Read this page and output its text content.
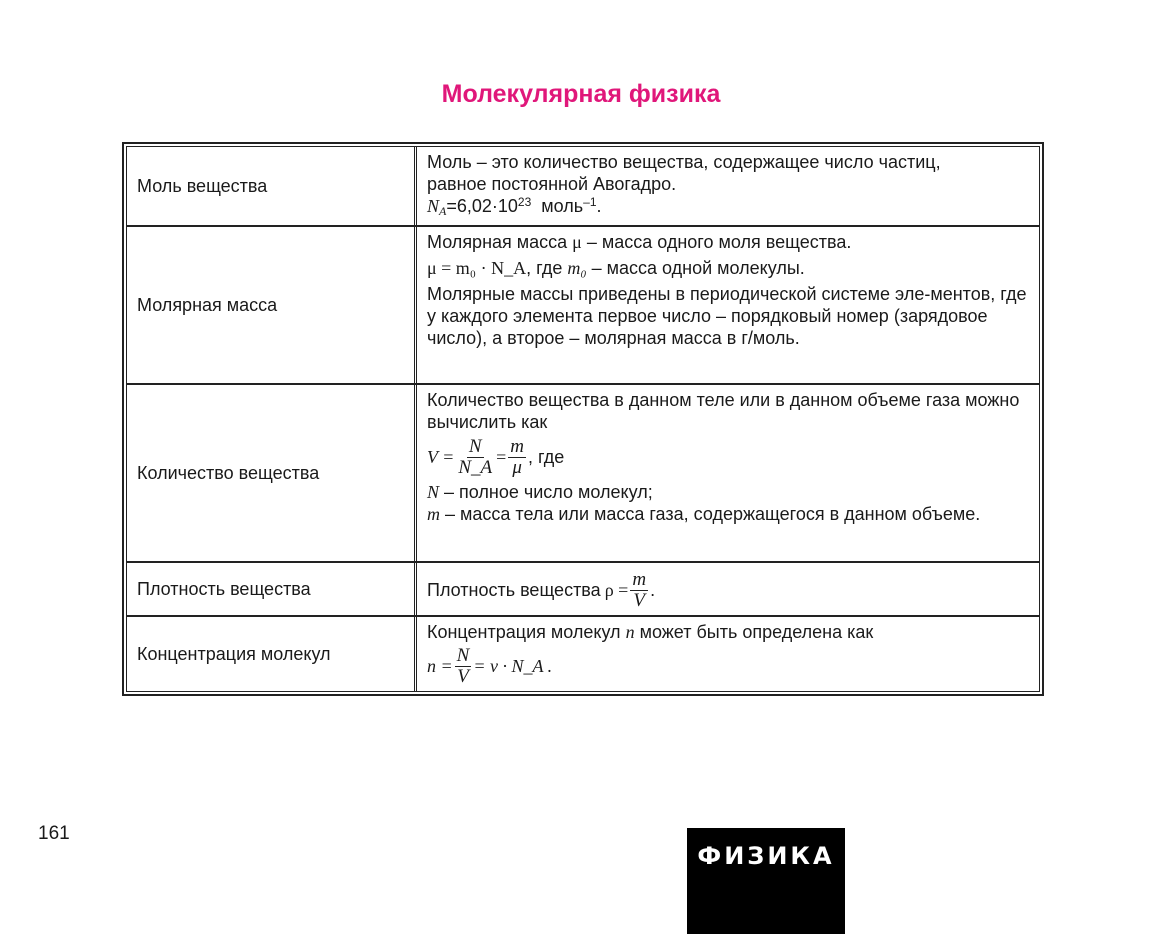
Молекулярная физика
Моль вещества

Моль – это количество вещества, содержащее число частиц,

равное постоянной Авогадро.

$NA=6,02\cdot 10^{23}$ моль$^{-1}$.

Молярная масса

Молярная масса μ – масса одного моля вещества.

μ = m₀ · N_A, где m₀ – масса одной молекулы.

Молярные массы приведены в периодической системе эле-ментов, где у каждого элемента первое число – порядковый номер (зарядовое число), а второе – молярная масса в г/моль.

Количество вещества

Количество вещества в данном теле или в данном объеме газа можно вычислить как

$V = \frac{N}{N\_A} = \frac{m}{\mu}$ , где

N – полное число молекул;

m – масса тела или масса газа, содержащегося в данном объеме.

Плотность вещества	Плотность вещества $\rho = \frac{m}{V}$ .
Концентрация молекул

Концентрация молекул n может быть определена как

$n = \frac{N}{V} = \nu$ · N_A .
161
ФИЗИКА
